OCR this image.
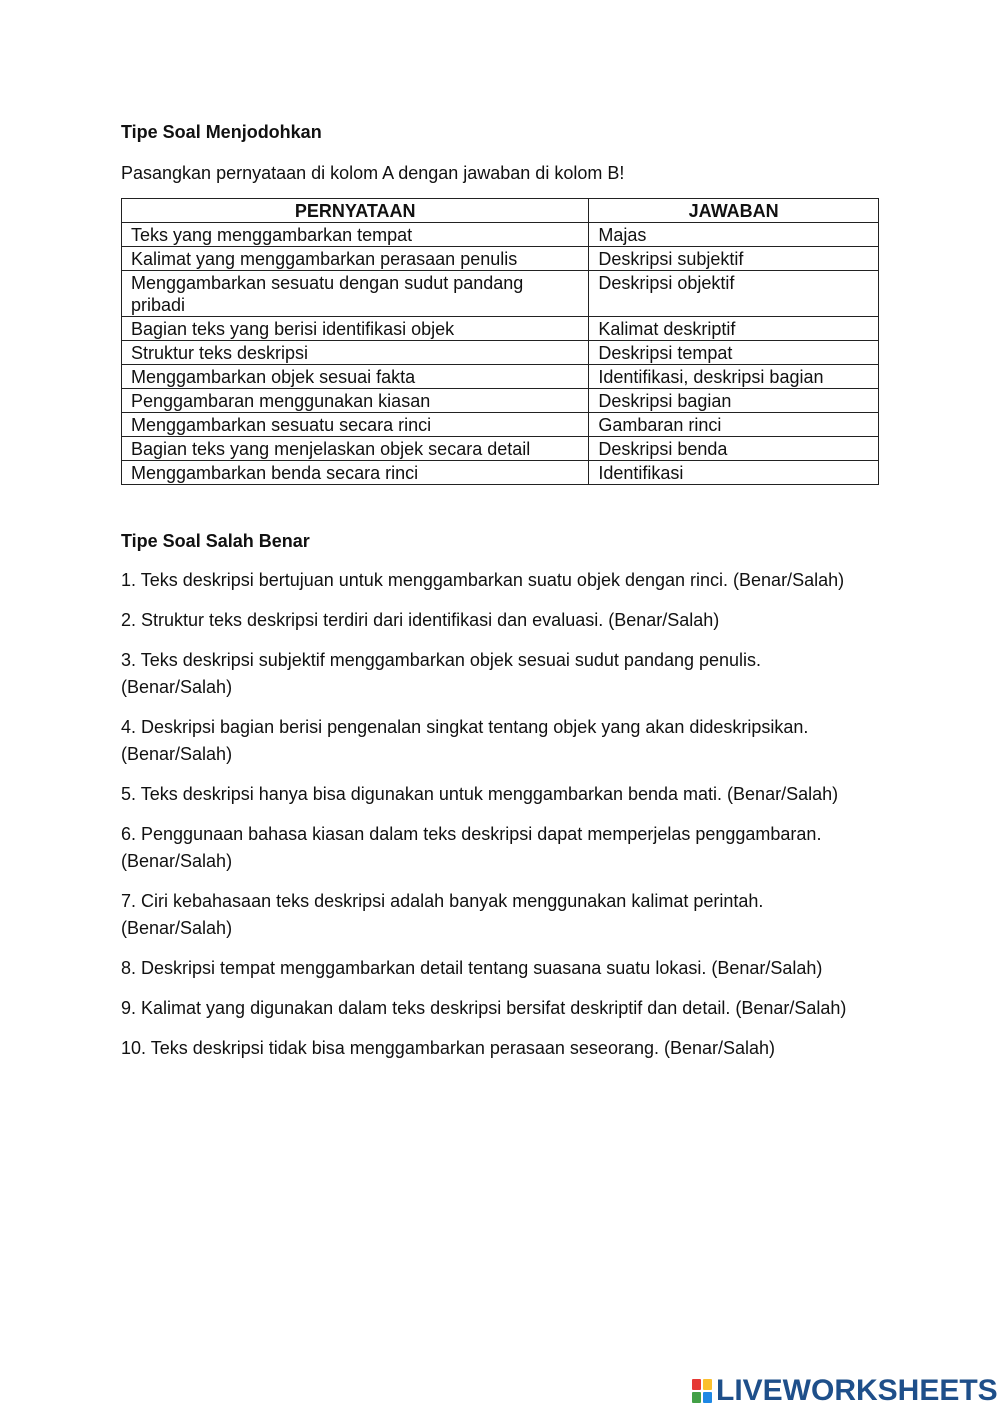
Tipe Soal Menjodohkan

Pasangkan pernyataan di kolom A dengan jawaban di kolom B!

PERNYATAAN	JAWABAN
Teks yang menggambarkan tempat	Majas
Kalimat yang menggambarkan perasaan penulis	Deskripsi subjektif
Menggambarkan sesuatu dengan sudut pandang pribadi	Deskripsi objektif
Bagian teks yang berisi identifikasi objek	Kalimat deskriptif
Struktur teks deskripsi	Deskripsi tempat
Menggambarkan objek sesuai fakta	Identifikasi, deskripsi bagian
Penggambaran menggunakan kiasan	Deskripsi bagian
Menggambarkan sesuatu secara rinci	Gambaran rinci
Bagian teks yang menjelaskan objek secara detail	Deskripsi benda
Menggambarkan benda secara rinci	Identifikasi
Tipe Soal Salah Benar
1. Teks deskripsi bertujuan untuk menggambarkan suatu objek dengan rinci. (Benar/Salah)
2. Struktur teks deskripsi terdiri dari identifikasi dan evaluasi. (Benar/Salah)
3. Teks deskripsi subjektif menggambarkan objek sesuai sudut pandang penulis. (Benar/Salah)
4. Deskripsi bagian berisi pengenalan singkat tentang objek yang akan dideskripsikan. (Benar/Salah)
5. Teks deskripsi hanya bisa digunakan untuk menggambarkan benda mati. (Benar/Salah)
6. Penggunaan bahasa kiasan dalam teks deskripsi dapat memperjelas penggambaran. (Benar/Salah)
7. Ciri kebahasaan teks deskripsi adalah banyak menggunakan kalimat perintah. (Benar/Salah)
8. Deskripsi tempat menggambarkan detail tentang suasana suatu lokasi. (Benar/Salah)
9. Kalimat yang digunakan dalam teks deskripsi bersifat deskriptif dan detail. (Benar/Salah)
10. Teks deskripsi tidak bisa menggambarkan perasaan seseorang. (Benar/Salah)
LIVEWORKSHEETS
